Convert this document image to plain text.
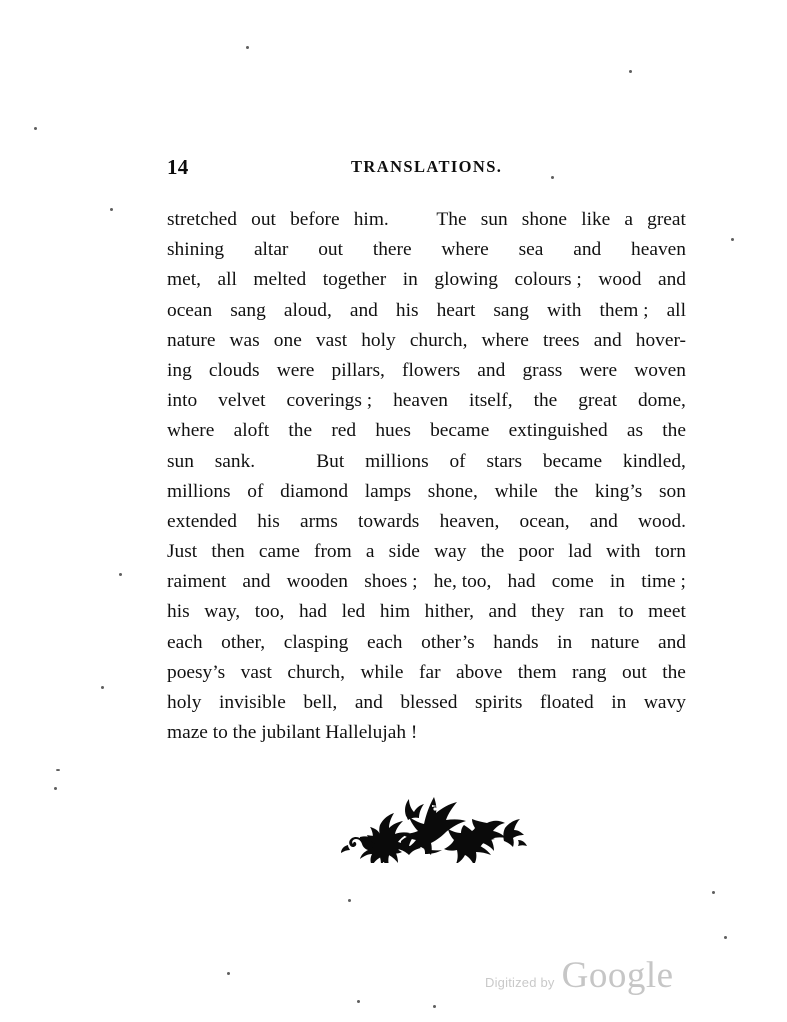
14	TRANSLATIONS.
stretched out before him.
  The sun shone like a great
shining altar out there where sea and heaven
met, all melted together in glowing colours ; wood and
ocean sang aloud, and his heart sang with them ; all
nature was one vast holy church, where trees and hover-
ing clouds were pillars, flowers and grass were woven
into velvet coverings ; heaven itself, the great dome,
where aloft the red hues became extinguished as the
sun sank.
 	But millions of stars became kindled,
millions of diamond lamps shone, while the king’s son
extended his arms towards heaven, ocean, and wood.
Just then came from a side way the poor lad with torn
raiment and wooden shoes ; he, too, had come in time ;
his way, too, had led him hither, and they ran to meet
each other, clasping each other’s hands in nature and
poesy’s vast church, while far above them rang out the
holy invisible bell, and blessed spirits floated in wavy
maze to the jubilant Hallelujah !
Digitized by Google
